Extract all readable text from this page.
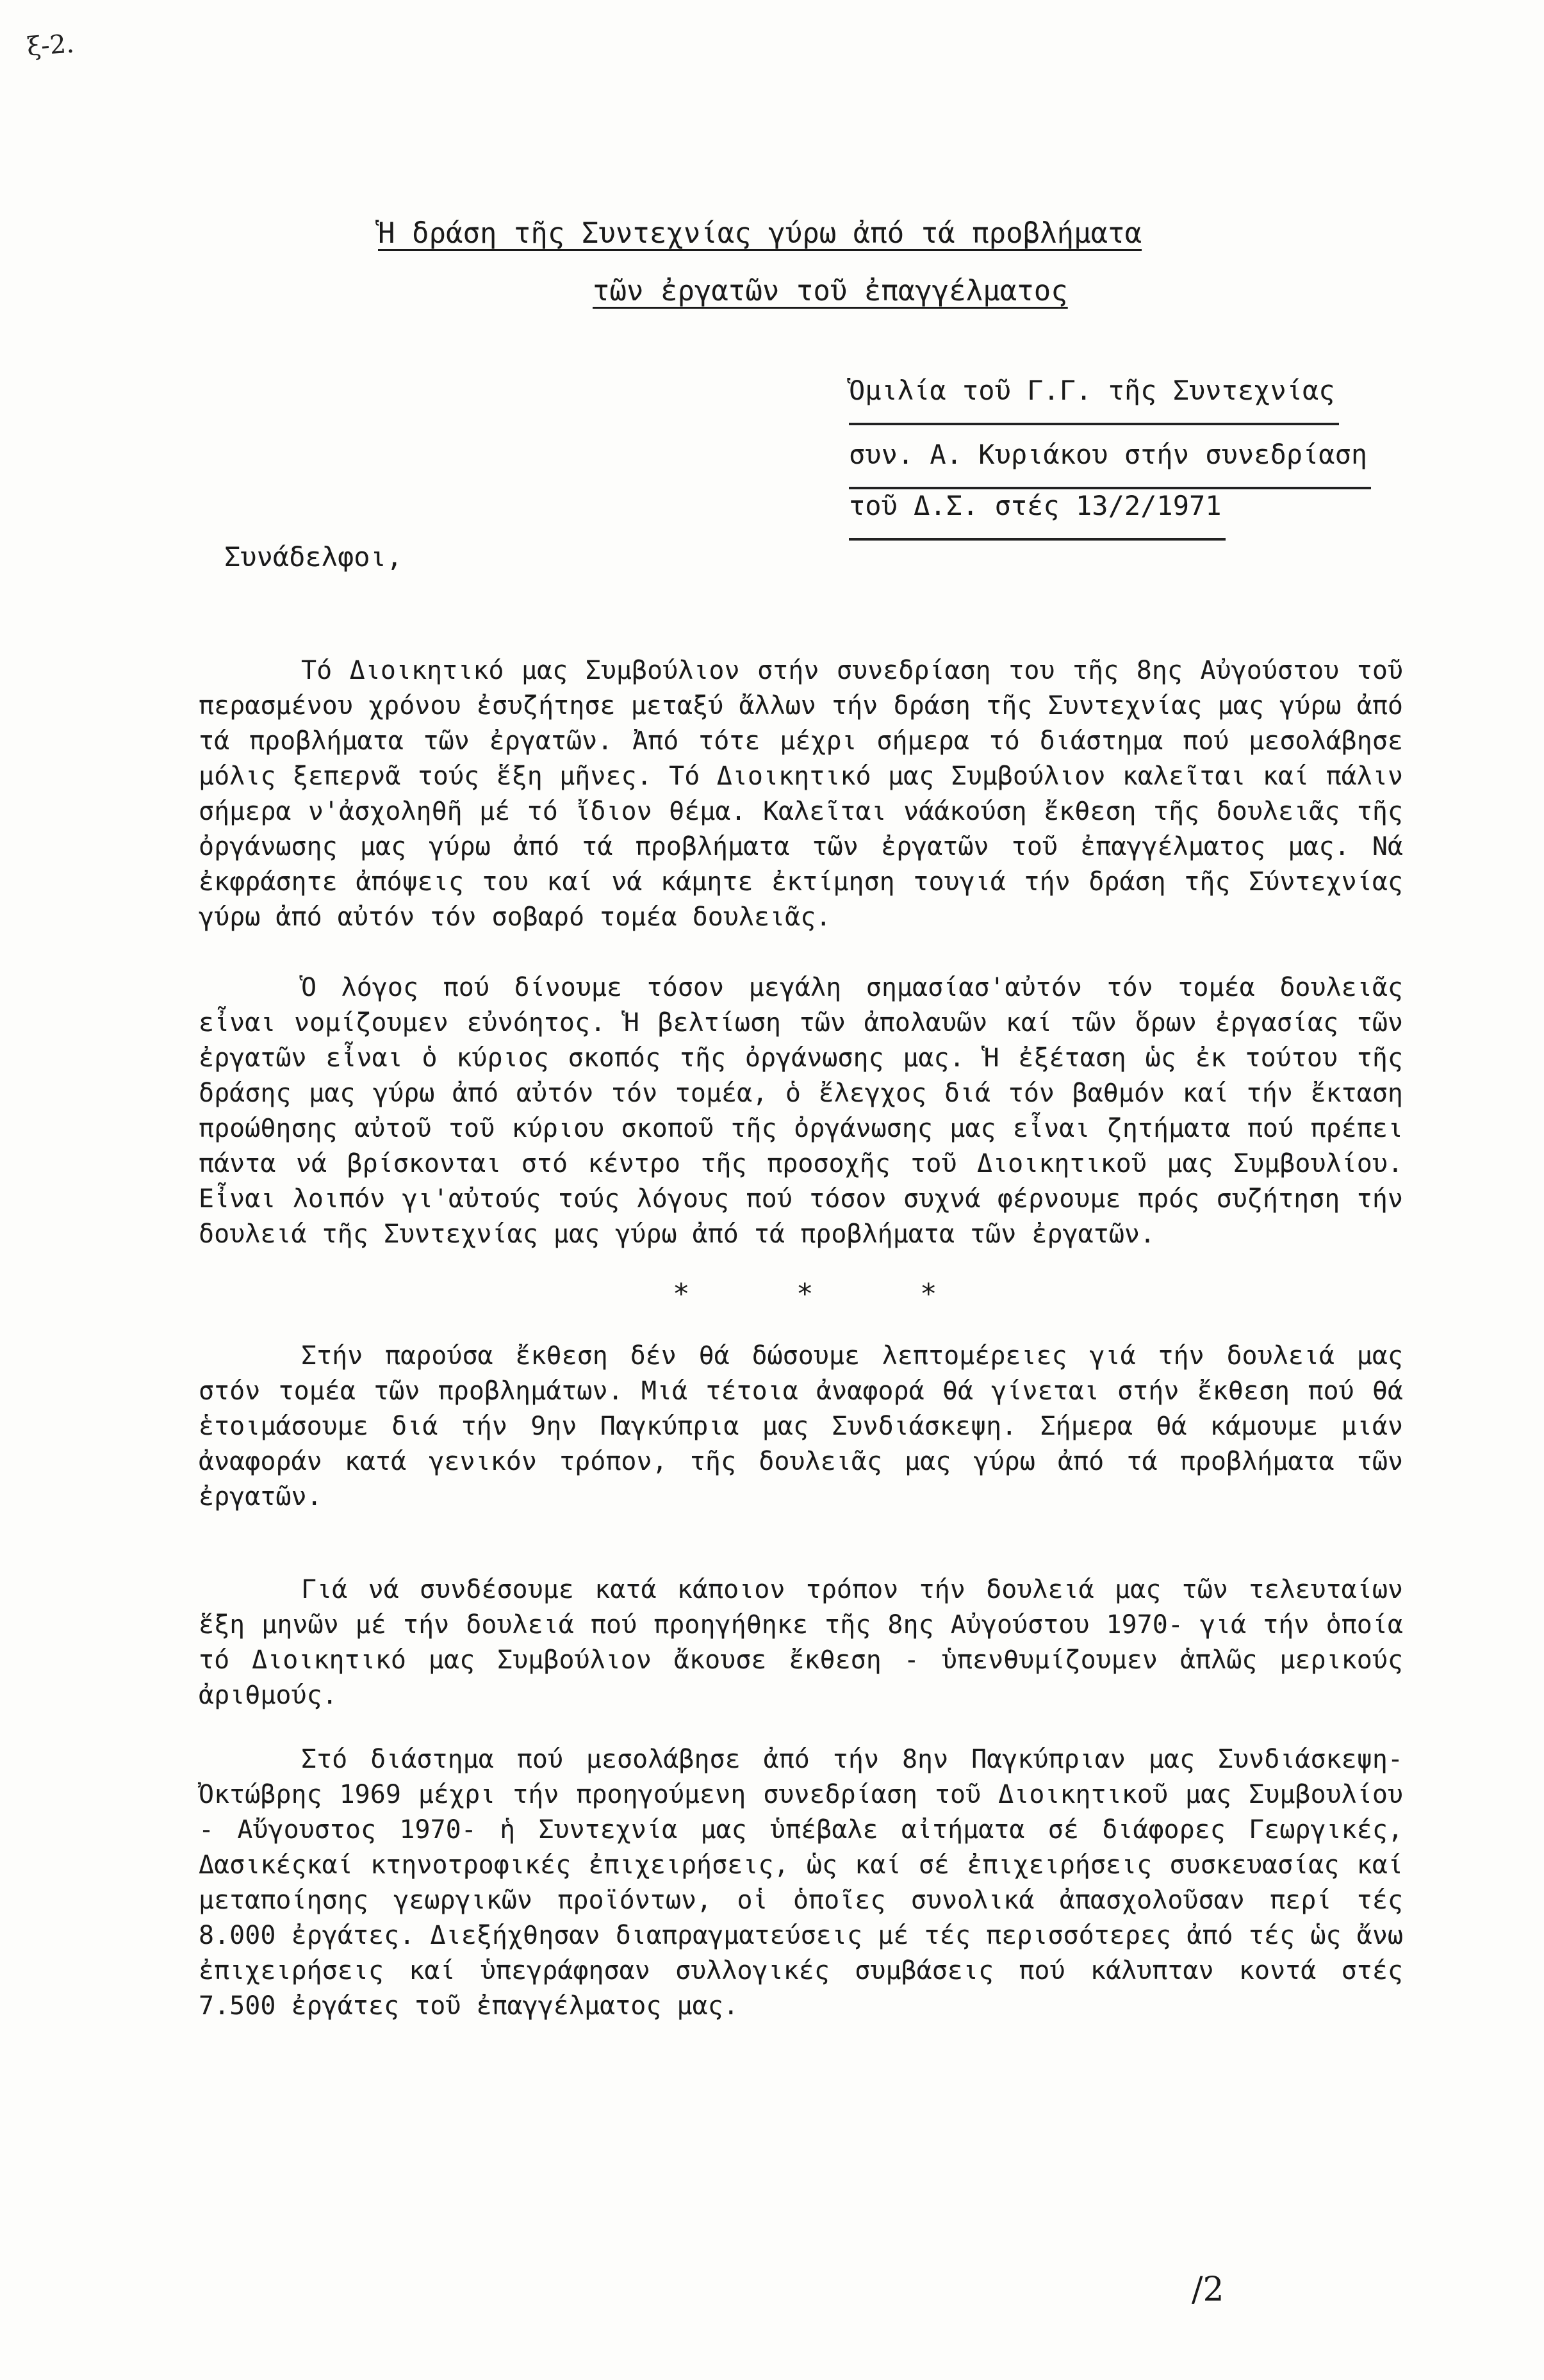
ξ-2.
Ἡ δράση τῆς Συντεχνίας γύρω ἀπό τά προβλήματα
τῶν ἐργατῶν τοῦ ἐπαγγέλματος
Ὁμιλία τοῦ Γ.Γ. τῆς Συντεχνίας
συν. Α. Κυριάκου στήν συνεδρίαση
τοῦ Δ.Σ. στές 13/2/1971
Συνάδελφοι,

Τό Διοικητικό μας Συμβούλιον στήν συνεδρίαση του τῆς 8ης Αὐγούστου τοῦ περασμένου χρόνου ἐσυζήτησε μεταξύ ἄλλων τήν δράση τῆς Συντεχνίας μας γύρω ἀπό τά προβλήματα τῶν ἐργατῶν. Ἀπό τότε μέχρι σήμερα τό διάστημα πού μεσολάβησε μόλις ξεπερνᾶ τούς ἕξη μῆνες. Τό Διοικητικό μας Συμβούλιον καλεῖται καί πάλιν σήμερα ν'ἀσχοληθῆ μέ τό ἴδιον θέμα. Καλεῖται νάάκούση ἔκθεση τῆς δουλειᾶς τῆς ὀργάνωσης μας γύρω ἀπό τά προβλήματα τῶν ἐργατῶν τοῦ ἐπαγγέλματος μας. Νά ἐκφράσητε ἀπόψεις του καί νά κάμητε ἐκτίμηση τουγιά τήν δράση τῆς Σύντεχνίας γύρω ἀπό αὐτόν τόν σοβαρό τομέα δουλειᾶς.

Ὁ λόγος πού δίνουμε τόσον μεγάλη σημασίασ'αὐτόν τόν τομέα δουλειᾶς εἶναι νομίζουμεν εὐνόητος. Ἡ βελτίωση τῶν ἀπολαυῶν καί τῶν ὅρων ἐργασίας τῶν ἐργατῶν εἶναι ὁ κύριος σκοπός τῆς ὀργάνωσης μας. Ἡ ἐξέταση ὡς ἐκ τούτου τῆς δράσης μας γύρω ἀπό αὐτόν τόν τομέα, ὁ ἔλεγχος διά τόν βαθμόν καί τήν ἔκταση προώθησης αὐτοῦ τοῦ κύριου σκοποῦ τῆς ὀργάνωσης μας εἶναι ζητήματα πού πρέπει πάντα νά βρίσκονται στό κέντρο τῆς προσοχῆς τοῦ Διοικητικοῦ μας Συμβουλίου. Εἶναι λοιπόν γι'αὐτούς τούς λόγους πού τόσον συχνά φέρνουμε πρός συζήτηση τήν δουλειά τῆς Συντεχνίας μας γύρω ἀπό τά προβλήματα τῶν ἐργατῶν.

* * *

Στήν παρούσα ἔκθεση δέν θά δώσουμε λεπτομέρειες γιά τήν δουλειά μας στόν τομέα τῶν προβλημάτων. Μιά τέτοια ἀναφορά θά γίνεται στήν ἔκθεση πού θά ἑτοιμάσουμε διά τήν 9ην Παγκύπρια μας Συνδιάσκεψη. Σήμερα θά κάμουμε μιάν ἀναφοράν κατά γενικόν τρόπον, τῆς δουλειᾶς μας γύρω ἀπό τά προβλήματα τῶν ἐργατῶν.

Γιά νά συνδέσουμε κατά κάποιον τρόπον τήν δουλειά μας τῶν τελευταίων ἕξη μηνῶν μέ τήν δουλειά πού προηγήθηκε τῆς 8ης Αὐγούστου 1970- γιά τήν ὁποία τό Διοικητικό μας Συμβούλιον ἄκουσε ἔκθεση - ὑπενθυμίζουμεν ἁπλῶς μερικούς ἀριθμούς.

Στό διάστημα πού μεσολάβησε ἀπό τήν 8ην Παγκύπριαν μας Συνδιάσκεψη-Ὀκτώβρης 1969 μέχρι τήν προηγούμενη συνεδρίαση τοῦ Διοικητικοῦ μας Συμβουλίου - Αὔγουστος 1970- ἡ Συντεχνία μας ὑπέβαλε αἰτήματα σέ διάφορες Γεωργικές, Δασικέςκαί κτηνοτροφικές ἐπιχειρήσεις, ὡς καί σέ ἐπιχειρήσεις συσκευασίας καί μεταποίησης γεωργικῶν προϊόντων, οἱ ὁποῖες συνολικά ἀπασχολοῦσαν περί τές 8.000 ἐργάτες. Διεξήχθησαν διαπραγματεύσεις μέ τές περισσότερες ἀπό τές ὡς ἄνω ἐπιχειρήσεις καί ὑπεγράφησαν συλλογικές συμβάσεις πού κάλυπταν κοντά στές 7.500 ἐργάτες τοῦ ἐπαγγέλματος μας.

/2
